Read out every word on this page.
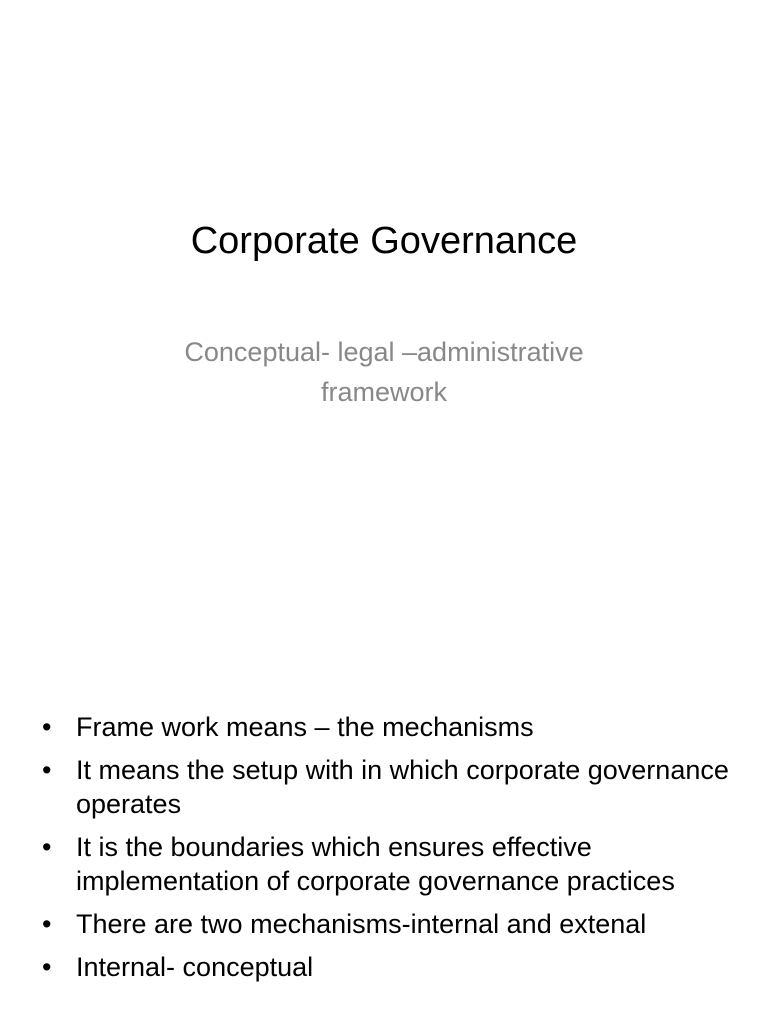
Corporate Governance
Conceptual- legal –administrative
framework
• Frame work means – the mechanisms
• It means the setup with in which corporate governance operates
• It is the boundaries which ensures effective implementation of corporate governance practices
• There are two mechanisms-internal and extenal
• Internal- conceptual
